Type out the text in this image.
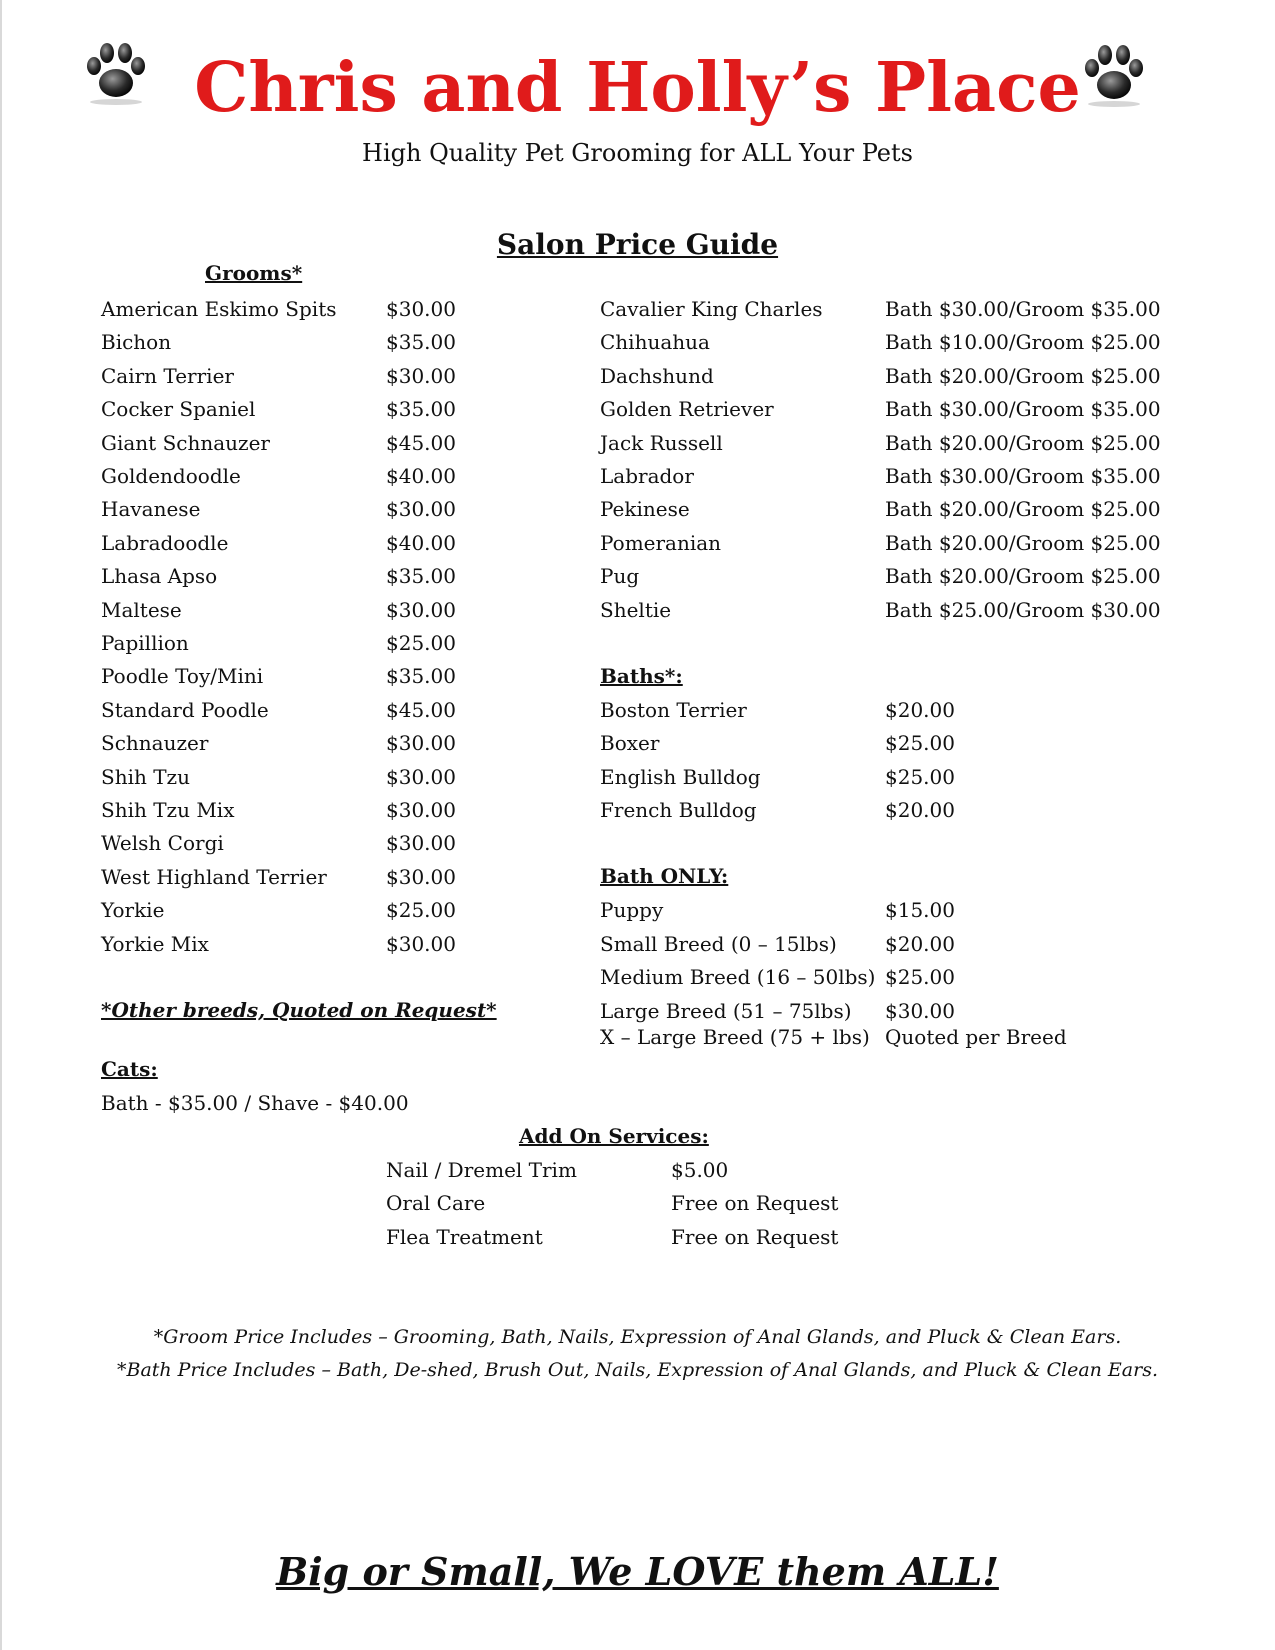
Chris and Holly’s Place
High Quality Pet Grooming for ALL Your Pets
Salon Price Guide
Grooms*
American Eskimo Spits $30.00
Bichon	$35.00
Cairn Terrier	$30.00
Cocker Spaniel	$35.00
Giant Schnauzer	$45.00
Goldendoodle	$40.00
Havanese	$30.00
Labradoodle	$40.00
Lhasa Apso	$35.00
Maltese	$30.00
Papillion	$25.00
Poodle Toy/Mini	$35.00
Standard Poodle	$45.00
Schnauzer	$30.00
Shih Tzu	$30.00
Shih Tzu Mix	$30.00
Welsh Corgi	$30.00
West Highland Terrier	$30.00
Yorkie	$25.00
Yorkie Mix	$30.00
*Other breeds, Quoted on Request*
Cats:
Bath - $35.00 / Shave - $40.00
Cavalier King Charles	Bath $30.00/Groom $35.00
Chihuahua	Bath $10.00/Groom $25.00
Dachshund	Bath $20.00/Groom $25.00
Golden Retriever	Bath $30.00/Groom $35.00
Jack Russell	Bath $20.00/Groom $25.00
Labrador	Bath $30.00/Groom $35.00
Pekinese	Bath $20.00/Groom $25.00
Pomeranian	Bath $20.00/Groom $25.00
Pug	Bath $20.00/Groom $25.00
Sheltie	Bath $25.00/Groom $30.00
Baths*:
Boston Terrier	$20.00
Boxer	$25.00
English Bulldog	$25.00
French Bulldog	$20.00
Bath ONLY:
Puppy	$15.00
Small Breed (0 – 15lbs) $20.00
Medium Breed (16 – 50lbs) $25.00
Large Breed (51 – 75lbs) $30.00
X – Large Breed (75 + lbs) Quoted per Breed
Add On Services:
Nail / Dremel Trim	$5.00
Oral Care	Free on Request
Flea Treatment	Free on Request
*Groom Price Includes – Grooming, Bath, Nails, Expression of Anal Glands, and Pluck & Clean Ears.
*Bath Price Includes – Bath, De-shed, Brush Out, Nails, Expression of Anal Glands, and Pluck & Clean Ears.
Big or Small, We LOVE them ALL!
